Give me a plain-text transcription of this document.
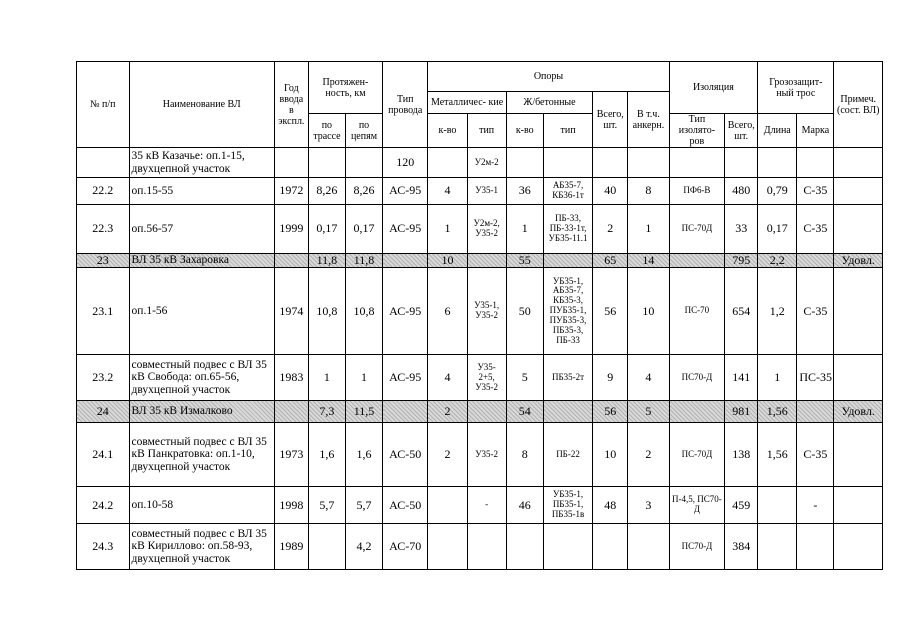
№ п/п	Наименование ВЛ	Год ввода в экспл.	Протяжен- ность, км		Тип провода	Опоры						Изоляция		Грозозащит- ный трос		Примеч. (сост. ВЛ)
						Металличес- кие		Ж/бетонные		Всего, шт.	В т.ч. анкерн.					
			по трассе	по цепям		к-во	тип	к-во	тип			Тип изолято- ров	Всего, шт.	Длина	Марка	
	35 кВ Казачье: оп.1-15, двухцепной участок				120		У2м-2									
22.2	оп.15-55	1972	8,26	8,26	АС-95	4	У35-1	36	АБ35-7, КБ36-1т	40	8	ПФ6-В	480	0,79	С-35	
22.3	оп.56-57	1999	0,17	0,17	АС-95	1	У2м-2, У35-2	1	ПБ-33, ПБ-33-1т, УБ35-11.1	2	1	ПС-70Д	33	0,17	С-35	
23	ВЛ 35 кВ Захаровка		11,8	11,8		10		55		65	14		795	2,2		Удовл.
23.1	оп.1-56	1974	10,8	10,8	АС-95	6	У35-1, У35-2	50	УБ35-1, АБ35-7, КБ35-3, ПУБ35-1, ПУБ35-3, ПБ35-3, ПБ-33	56	10	ПС-70	654	1,2	С-35	
23.2	совместный подвес с ВЛ 35 кВ Свобода: оп.65-56, двухцепной участок	1983	1	1	АС-95	4	У35-2+5, У35-2	5	ПБ35-2т	9	4	ПС70-Д	141	1	ПС-35	
24	ВЛ 35 кВ Измалково		7,3	11,5		2		54		56	5		981	1,56		Удовл.
24.1	совместный подвес с ВЛ 35 кВ Панкратовка: оп.1-10, двухцепной участок	1973	1,6	1,6	АС-50	2	У35-2	8	ПБ-22	10	2	ПС-70Д	138	1,56	С-35	
24.2	оп.10-58	1998	5,7	5,7	АС-50		-	46	УБ35-1, ПБ35-1, ПБ35-1в	48	3	П-4,5, ПС70-Д	459		-	
24.3	совместный подвес с ВЛ 35 кВ Кириллово: оп.58-93, двухцепной участок	1989		4,2	АС-70							ПС70-Д	384			
